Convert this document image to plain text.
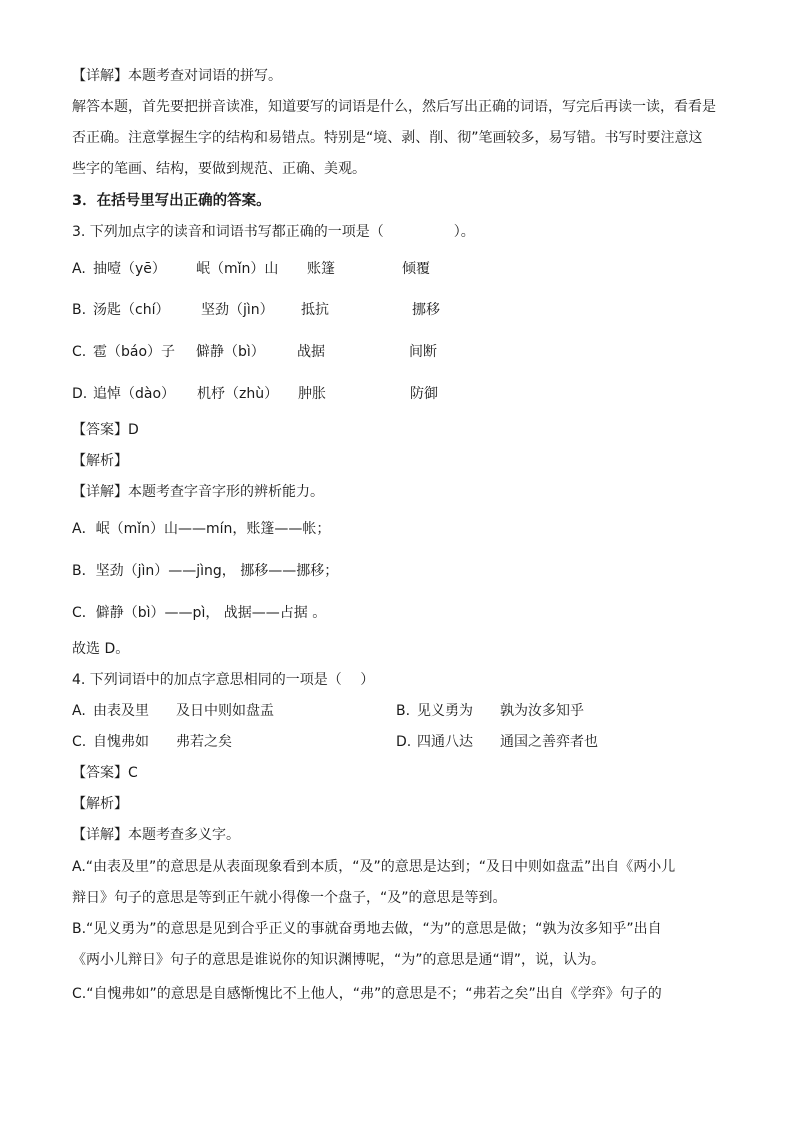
【详解】本题考查对词语的拼写。
解答本题，首先要把拼音读准，知道要写的词语是什么，然后写出正确的词语，写完后再读一读，看看是
否正确。注意掌握生字的结构和易错点。特别是“境、剥、削、彻”笔画较多，易写错。书写时要注意这
些字的笔画、结构，要做到规范、正确、美观。
3．在括号里写出正确的答案。
3. 下列加点字的读音和词语书写都正确的一项是（　　　　　）。
A. 抽噎（yē） 岷（mǐn）山 账篷	倾覆
B. 汤匙（chí） 坚劲（jìn） 抵抗	挪移
C. 雹（báo）子 僻静（bì） 战据	间断
D. 追悼（dào） 机杼（zhù） 肿胀	防御
【答案】D
【解析】
【详解】本题考查字音字形的辨析能力。
A．岷（mǐn）山——mín，账篷——帐；
B．坚劲（jìn）——jìng， 挪移——挪移；
C．僻静（bì）——pì， 战据——占据 。
故选 D。
4. 下列词语中的加点字意思相同的一项是（　 ）
A. 由表及里 及日中则如盘盂	B. 见义勇为 孰为汝多知乎
C. 自愧弗如 弗若之矣	D. 四通八达 通国之善弈者也
【答案】C
【解析】
【详解】本题考查多义字。
A.“由表及里”的意思是从表面现象看到本质，“及”的意思是达到；“及日中则如盘盂”出自《两小儿
辩日》句子的意思是等到正午就小得像一个盘子，“及”的意思是等到。
B.“见义勇为”的意思是见到合乎正义的事就奋勇地去做，“为”的意思是做；“孰为汝多知乎”出自
《两小儿辩日》句子的意思是谁说你的知识渊博呢，“为”的意思是通“谓”，说，认为。
C.“自愧弗如”的意思是自感惭愧比不上他人，“弗”的意思是不；“弗若之矣”出自《学弈》句子的
